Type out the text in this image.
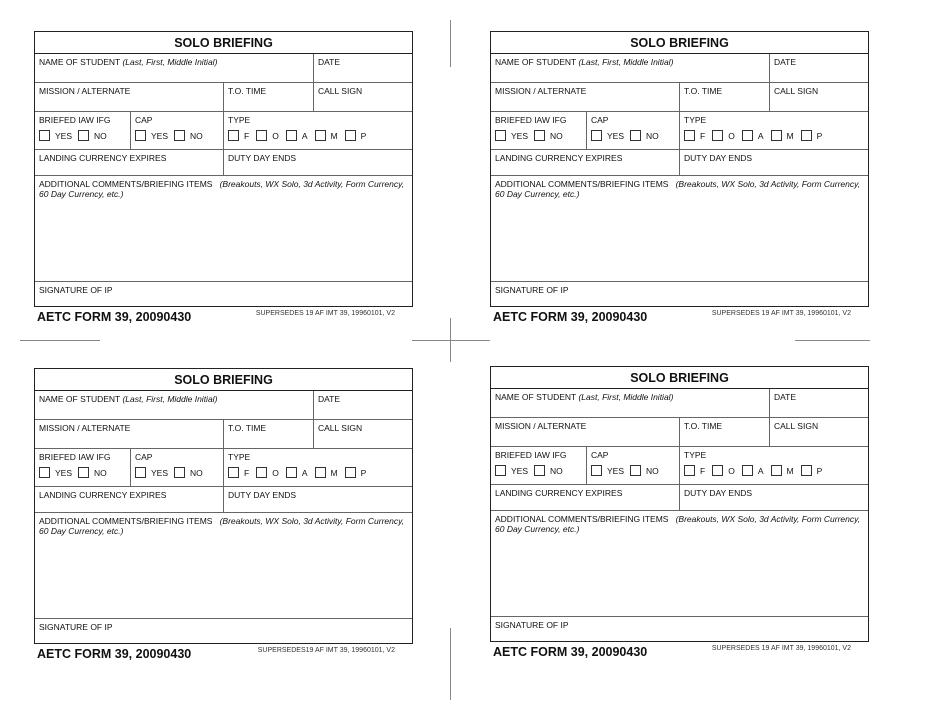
SOLO BRIEFING
NAME OF STUDENT (Last, First, Middle Initial)	DATE
MISSION / ALTERNATE	T.O. TIME	CALL SIGN
BRIEFED IAW IFG
YES	NO
CAP
YES	NO
TYPE
F	O	A	M	P
LANDING CURRENCY EXPIRES	DUTY DAY ENDS
ADDITIONAL COMMENTS/BRIEFING ITEMS (Breakouts, WX Solo, 3d Activity, Form Currency, 60 Day Currency, etc.)
SIGNATURE OF IP
AETC FORM 39, 20090430	SUPERSEDES 19 AF IMT 39, 19960101, V2
SOLO BRIEFING
NAME OF STUDENT (Last, First, Middle Initial)	DATE
MISSION / ALTERNATE	T.O. TIME	CALL SIGN
BRIEFED IAW IFG
YES	NO
CAP
YES	NO
TYPE
F	O	A	M	P
LANDING CURRENCY EXPIRES	DUTY DAY ENDS
ADDITIONAL COMMENTS/BRIEFING ITEMS (Breakouts, WX Solo, 3d Activity, Form Currency, 60 Day Currency, etc.)
SIGNATURE OF IP
AETC FORM 39, 20090430	SUPERSEDES 19 AF IMT 39, 19960101, V2
SOLO BRIEFING
NAME OF STUDENT (Last, First, Middle Initial)	DATE
MISSION / ALTERNATE	T.O. TIME	CALL SIGN
BRIEFED IAW IFG
YES	NO
CAP
YES	NO
TYPE
F	O	A	M	P
LANDING CURRENCY EXPIRES	DUTY DAY ENDS
ADDITIONAL COMMENTS/BRIEFING ITEMS (Breakouts, WX Solo, 3d Activity, Form Currency, 60 Day Currency, etc.)
SIGNATURE OF IP
AETC FORM 39, 20090430	SUPERSEDES19 AF IMT 39, 19960101, V2
SOLO BRIEFING
NAME OF STUDENT (Last, First, Middle Initial)	DATE
MISSION / ALTERNATE	T.O. TIME	CALL SIGN
BRIEFED IAW IFG
YES	NO
CAP
YES	NO
TYPE
F	O	A	M	P
LANDING CURRENCY EXPIRES	DUTY DAY ENDS
ADDITIONAL COMMENTS/BRIEFING ITEMS (Breakouts, WX Solo, 3d Activity, Form Currency, 60 Day Currency, etc.)
SIGNATURE OF IP
AETC FORM 39, 20090430	SUPERSEDES 19 AF IMT 39, 19960101, V2
